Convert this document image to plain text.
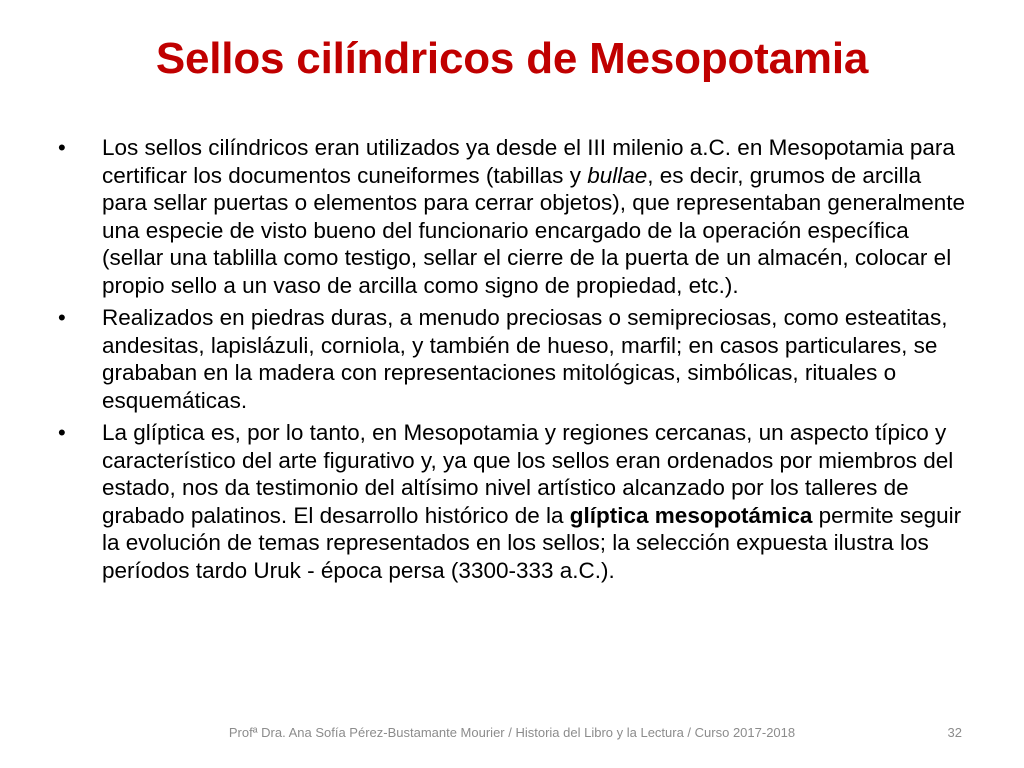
Sellos cilíndricos de Mesopotamia
•	Los sellos cilíndricos eran utilizados ya desde el III milenio a.C. en Mesopotamia para certificar los documentos cuneiformes (tabillas y bullae, es decir, grumos de arcilla para sellar puertas o elementos para cerrar objetos), que representaban generalmente una especie de visto bueno del funcionario encargado de la operación específica (sellar una tablilla como testigo, sellar el cierre de la puerta de un almacén, colocar el propio sello a un vaso de arcilla como signo de propiedad, etc.).
•	Realizados en piedras duras, a menudo preciosas o semipreciosas, como esteatitas, andesitas, lapislázuli, corniola, y también de hueso, marfil; en casos particulares, se grababan en la madera con representaciones mitológicas, simbólicas, rituales o esquemáticas.
•	La glíptica es, por lo tanto, en Mesopotamia y regiones cercanas, un aspecto típico y característico del arte figurativo y, ya que los sellos eran ordenados por miembros del estado, nos da testimonio del altísimo nivel artístico alcanzado por los talleres de grabado palatinos. El desarrollo histórico de la glíptica mesopotámica permite seguir la evolución de temas representados en los sellos; la selección expuesta ilustra los períodos tardo Uruk - época persa (3300-333 a.C.).
Profª Dra. Ana Sofía Pérez-Bustamante Mourier / Historia del Libro y la Lectura / Curso 2017-2018	32
